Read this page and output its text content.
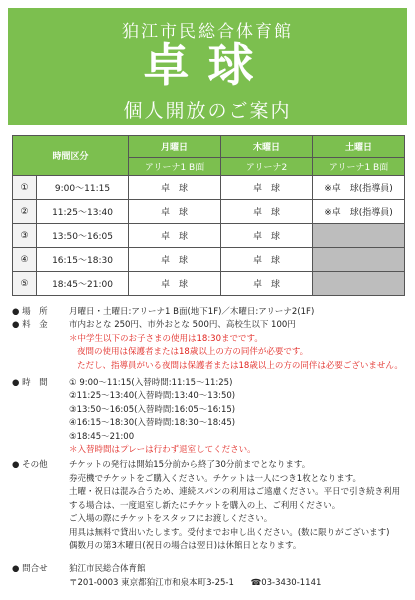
狛江市民総合体育館
卓球
個人開放のご案内
時間区分		月曜日	木曜日	土曜日
		アリーナ1 B面	アリーナ2	アリーナ1 B面
①	9:00～11:15	卓　球	卓　球	※卓　球(指導員)
②	11:25～13:40	卓　球	卓　球	※卓　球(指導員)
③	13:50～16:05	卓　球	卓　球	
④	16:15～18:30	卓　球	卓　球	
⑤	18:45～21:00	卓　球	卓　球	
● 場　所	月曜日・土曜日:アリーナ1 B面(地下1F)／木曜日:アリーナ2(1F)
● 料　金	市内おとな 250円、市外おとな 500円、高校生以下 100円
＊中学生以下のお子さまの使用は18:30までです。
夜間の使用は保護者または18歳以上の方の同伴が必要です。
ただし、指導員がいる夜間は保護者または18歳以上の方の同伴は必要ございません。
● 時　間	① 9:00～11:15(入替時間:11:15～11:25)
②11:25～13:40(入替時間:13:40～13:50)
③13:50～16:05(入替時間:16:05～16:15)
④16:15～18:30(入替時間:18:30～18:45)
⑤18:45～21:00
＊入替時間はプレーは行わず退室してください。
● その他	チケットの発行は開始15分前から終了30分前までとなります。
券売機でチケットをご購入ください。チケットは一人につき1枚となります。
土曜・祝日は混み合うため、連続スパンの利用はご遠慮ください。平日で引き続き利用
する場合は、一度退室し新たにチケットを購入の上、ご利用ください。
ご入場の際にチケットをスタッフにお渡しください。
用具は無料で貸出いたします。受付までお申し出ください。(数に限りがございます)
偶数月の第3木曜日(祝日の場合は翌日)は休館日となります。
● 問合せ	狛江市民総合体育館
〒201-0003 東京都狛江市和泉本町3-25-1 ☎03-3430-1141
